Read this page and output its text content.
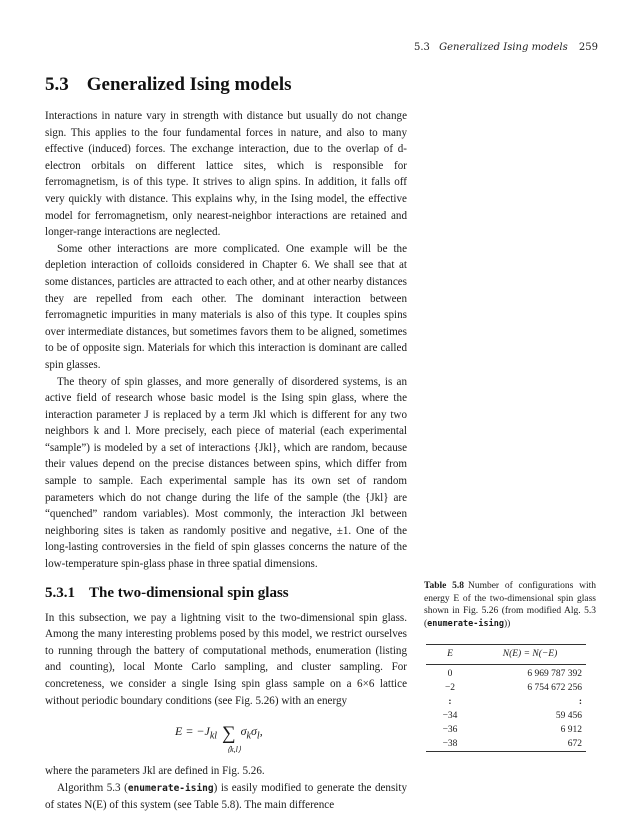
5.3 Generalized Ising models 259
5.3 Generalized Ising models

Interactions in nature vary in strength with distance but usually do not change sign. This applies to the four fundamental forces in nature, and also to many effective (induced) forces. The exchange interaction, due to the overlap of d-electron orbitals on different lattice sites, which is responsible for ferromagnetism, is of this type. It strives to align spins. In addition, it falls off very quickly with distance. This explains why, in the Ising model, the effective model for ferromagnetism, only nearest-neighbor interactions are retained and longer-range interactions are neglected.

Some other interactions are more complicated. One example will be the depletion interaction of colloids considered in Chapter 6. We shall see that at some distances, particles are attracted to each other, and at other nearby distances they are repelled from each other. The dominant interaction between ferromagnetic impurities in many materials is also of this type. It couples spins over intermediate distances, but sometimes favors them to be aligned, sometimes to be of opposite sign. Materials for which this interaction is dominant are called spin glasses.

The theory of spin glasses, and more generally of disordered systems, is an active field of research whose basic model is the Ising spin glass, where the interaction parameter J is replaced by a term Jkl which is different for any two neighbors k and l. More precisely, each piece of material (each experimental “sample”) is modeled by a set of interactions {Jkl}, which are random, because their values depend on the precise distances between spins, which differ from sample to sample. Each experimental sample has its own set of random parameters which do not change during the life of the sample (the {Jkl} are “quenched” random variables). Most commonly, the interaction Jkl between neighboring sites is taken as randomly positive and negative, ±1. One of the long-lasting controversies in the field of spin glasses concerns the nature of the low-temperature spin-glass phase in three spatial dimensions.

5.3.1 The two-dimensional spin glass

In this subsection, we pay a lightning visit to the two-dimensional spin glass. Among the many interesting problems posed by this model, we restrict ourselves to running through the battery of computational methods, enumeration (listing and counting), local Monte Carlo sampling, and cluster sampling. For concreteness, we consider a single Ising spin glass sample on a 6×6 lattice without periodic boundary conditions (see Fig. 5.26) with an energy

$E = -J_{kl}$ ∑ $\sigma_k\sigma_l$,
⟨k,l⟩

where the parameters Jkl are defined in Fig. 5.26.

Algorithm 5.3 (enumerate-ising) is easily modified to generate the density of states N(E) of this system (see Table 5.8). The main difference

Table 5.8 Number of configurations with energy E of the two-dimensional spin glass shown in Fig. 5.26 (from modified Alg. 5.3 (enumerate-ising))

E	N(E) = N(−E)
0	6 969 787 392
−2	6 754 672 256
:	:
−34	59 456
−36	6 912
−38	672
